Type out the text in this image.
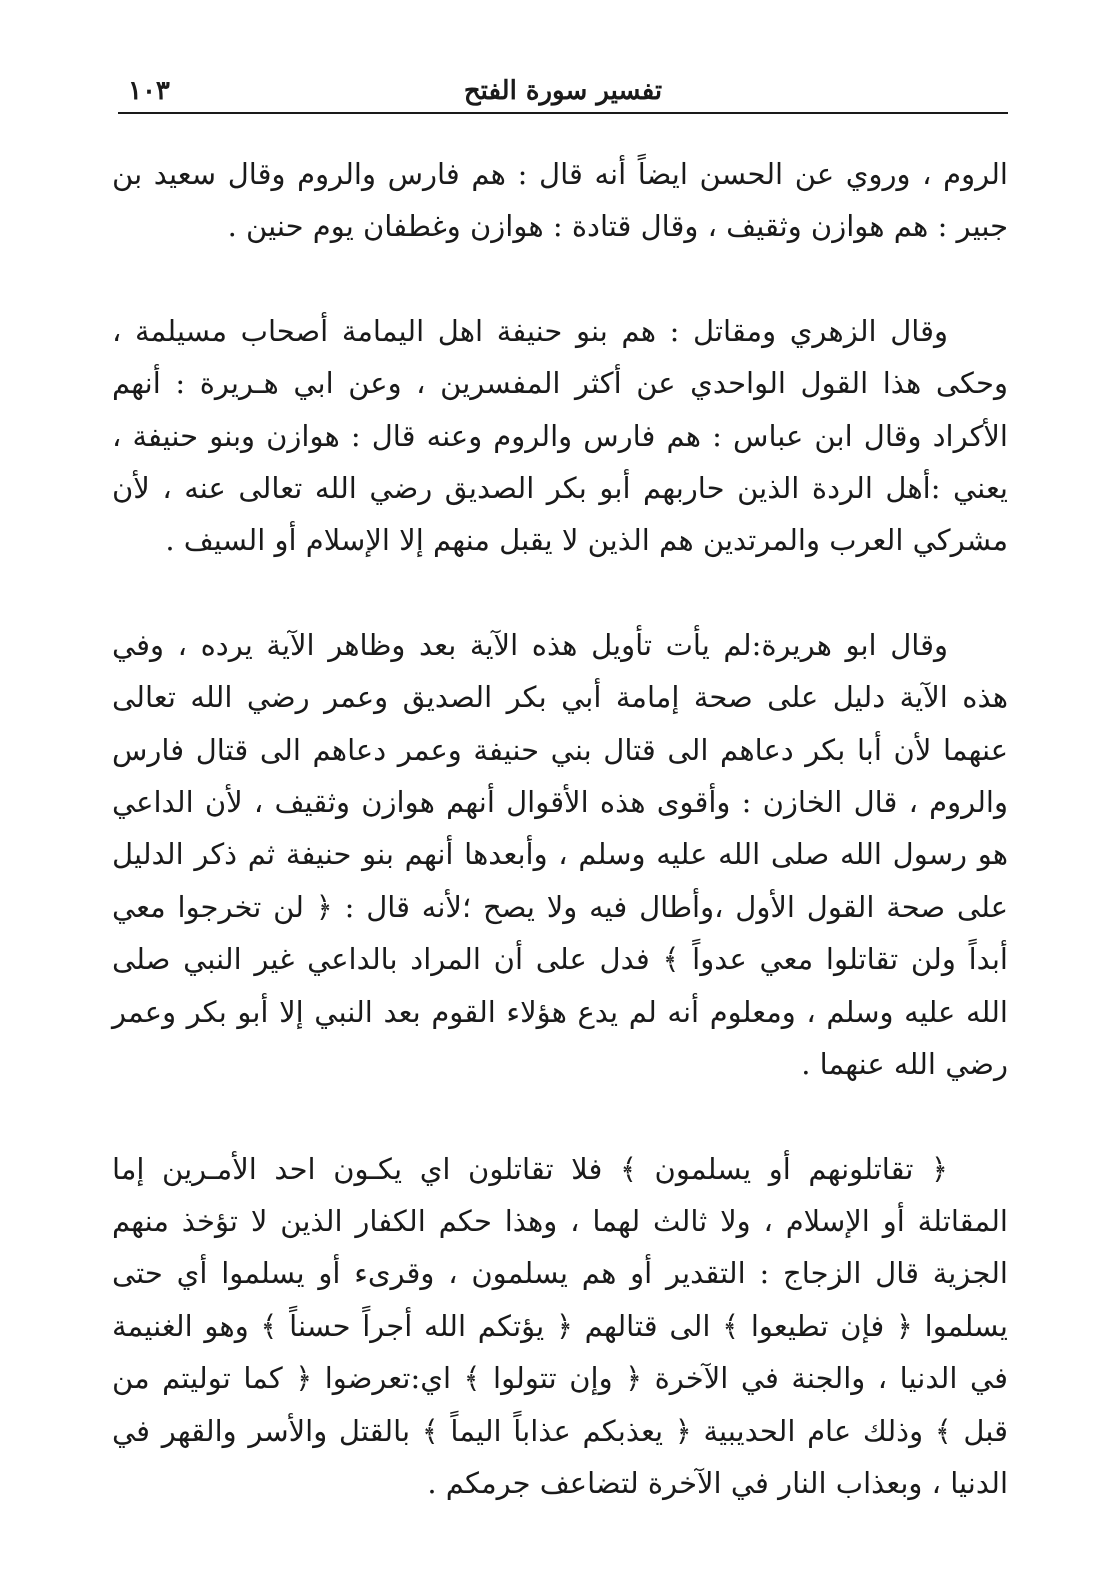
تفسير سورة الفتح
١٠٣

الروم ، وروي عن الحسن ايضاً أنه قال : هم فارس والروم وقال سعيد بن جبير : هم هوازن وثقيف ، وقال قتادة : هوازن وغطفان يوم حنين .

وقال الزهري ومقاتل : هم بنو حنيفة اهل اليمامة أصحاب مسيلمة ، وحكى هذا القول الواحدي عن أكثر المفسرين ، وعن ابي هـريرة : أنهم الأكراد وقال ابن عباس : هم فارس والروم وعنه قال : هوازن وبنو حنيفة ، يعني :أهل الردة الذين حاربهم أبو بكر الصديق رضي الله تعالى عنه ، لأن مشركي العرب والمرتدين هم الذين لا يقبل منهم إلا الإسلام أو السيف .

وقال ابو هريرة:لم يأت تأويل هذه الآية بعد وظاهر الآية يرده ، وفي هذه الآية دليل على صحة إمامة أبي بكر الصديق وعمر رضي الله تعالى عنهما لأن أبا بكر دعاهم الى قتال بني حنيفة وعمر دعاهم الى قتال فارس والروم ، قال الخازن : وأقوى هذه الأقوال أنهم هوازن وثقيف ، لأن الداعي هو رسول الله صلى الله عليه وسلم ، وأبعدها أنهم بنو حنيفة ثم ذكر الدليل على صحة القول الأول ،وأطال فيه ولا يصح ؛لأنه قال : ﴿ لن تخرجوا معي أبداً ولن تقاتلوا معي عدواً ﴾ فدل على أن المراد بالداعي غير النبي صلى الله عليه وسلم ، ومعلوم أنه لم يدع هؤلاء القوم بعد النبي إلا أبو بكر وعمر رضي الله عنهما .

﴿ تقاتلونهم أو يسلمون ﴾ فلا تقاتلون اي يكـون احد الأمـرين إما المقاتلة أو الإسلام ، ولا ثالث لهما ، وهذا حكم الكفار الذين لا تؤخذ منهم الجزية قال الزجاج : التقدير أو هم يسلمون ، وقرىء أو يسلموا أي حتى يسلموا ﴿ فإن تطيعوا ﴾ الى قتالهم ﴿ يؤتكم الله أجراً حسناً ﴾ وهو الغنيمة في الدنيا ، والجنة في الآخرة ﴿ وإن تتولوا ﴾ اي:تعرضوا ﴿ كما توليتم من قبل ﴾ وذلك عام الحديبية ﴿ يعذبكم عذاباً اليماً ﴾ بالقتل والأسر والقهر في الدنيا ، وبعذاب النار في الآخرة لتضاعف جرمكم .
